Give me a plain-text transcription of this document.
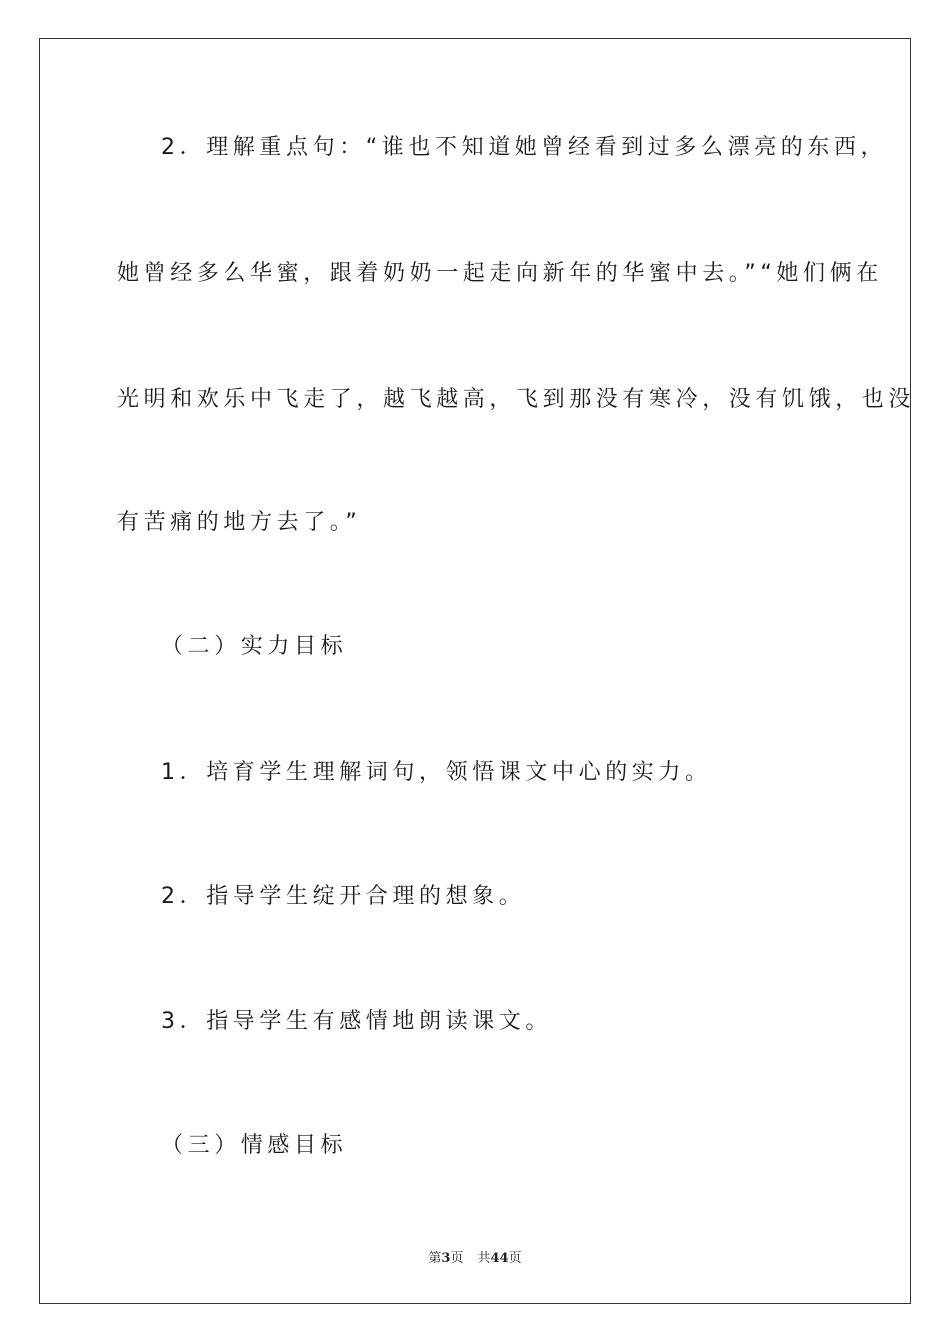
2．理解重点句：“谁也不知道她曾经看到过多么漂亮的东西，
她曾经多么华蜜，跟着奶奶一起走向新年的华蜜中去。”“她们俩在
光明和欢乐中飞走了，越飞越高，飞到那没有寒冷，没有饥饿，也没
有苦痛的地方去了。”
（二）实力目标
1．培育学生理解词句，领悟课文中心的实力。
2．指导学生绽开合理的想象。
3．指导学生有感情地朗读课文。
（三）情感目标
第3页 共44页
